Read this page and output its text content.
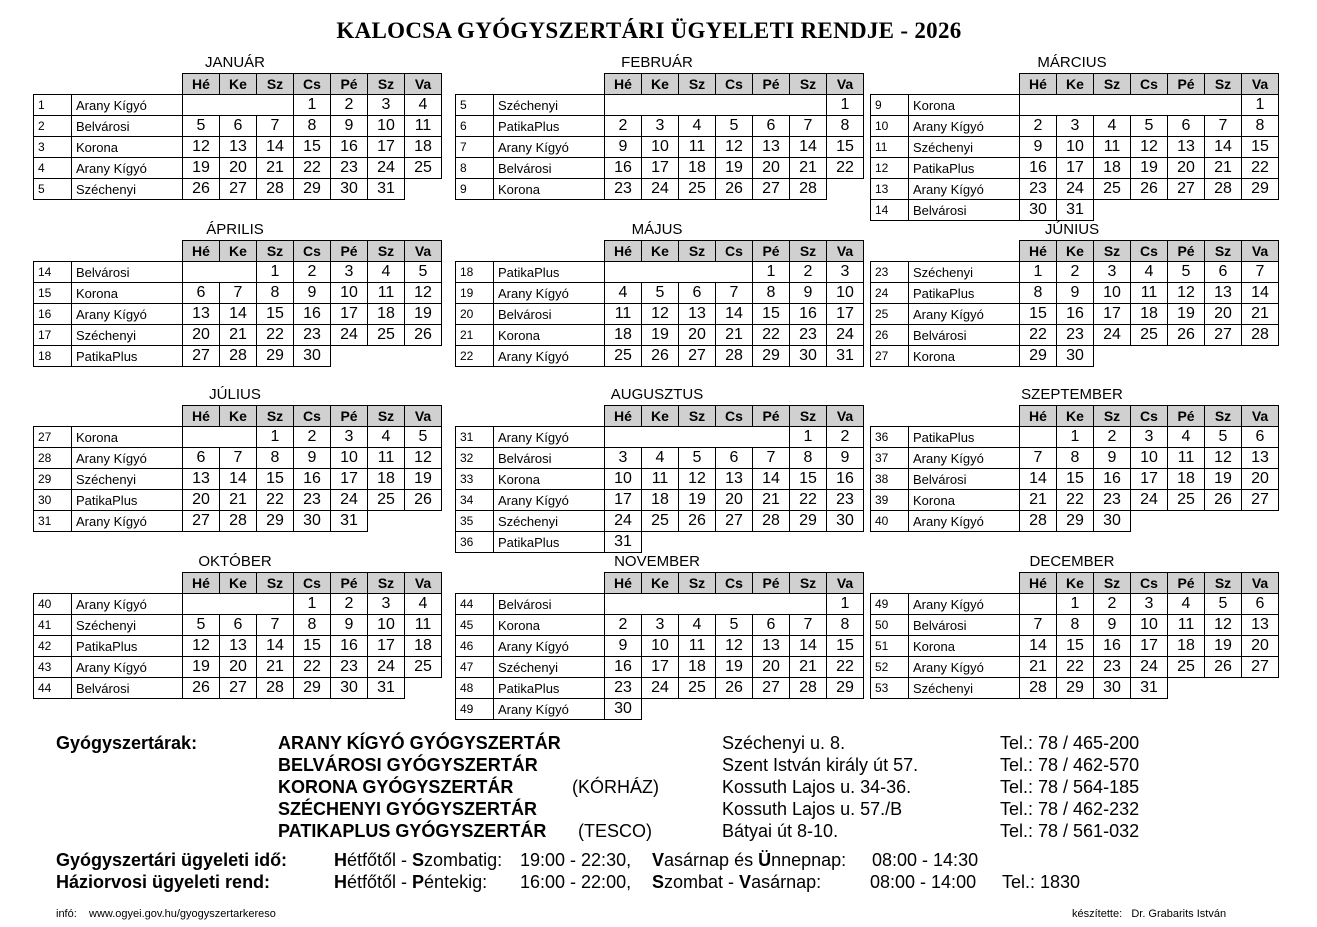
KALOCSA GYÓGYSZERTÁRI ÜGYELETI RENDJE - 2026
JANUÁR
		Hé	Ke	Sz	Cs	Pé	Sz	Va
1	Arany Kígyó				1	2	3	4
2	Belvárosi	5	6	7	8	9	10	11
3	Korona	12	13	14	15	16	17	18
4	Arany Kígyó	19	20	21	22	23	24	25
5	Széchenyi	26	27	28	29	30	31	
FEBRUÁR
		Hé	Ke	Sz	Cs	Pé	Sz	Va
5	Széchenyi							1
6	PatikaPlus	2	3	4	5	6	7	8
7	Arany Kígyó	9	10	11	12	13	14	15
8	Belvárosi	16	17	18	19	20	21	22
9	Korona	23	24	25	26	27	28	
MÁRCIUS
		Hé	Ke	Sz	Cs	Pé	Sz	Va
9	Korona							1
10	Arany Kígyó	2	3	4	5	6	7	8
11	Széchenyi	9	10	11	12	13	14	15
12	PatikaPlus	16	17	18	19	20	21	22
13	Arany Kígyó	23	24	25	26	27	28	29
14	Belvárosi	30	31					
ÁPRILIS
		Hé	Ke	Sz	Cs	Pé	Sz	Va
14	Belvárosi			1	2	3	4	5
15	Korona	6	7	8	9	10	11	12
16	Arany Kígyó	13	14	15	16	17	18	19
17	Széchenyi	20	21	22	23	24	25	26
18	PatikaPlus	27	28	29	30			
MÁJUS
		Hé	Ke	Sz	Cs	Pé	Sz	Va
18	PatikaPlus					1	2	3
19	Arany Kígyó	4	5	6	7	8	9	10
20	Belvárosi	11	12	13	14	15	16	17
21	Korona	18	19	20	21	22	23	24
22	Arany Kígyó	25	26	27	28	29	30	31
JÚNIUS
		Hé	Ke	Sz	Cs	Pé	Sz	Va
23	Széchenyi	1	2	3	4	5	6	7
24	PatikaPlus	8	9	10	11	12	13	14
25	Arany Kígyó	15	16	17	18	19	20	21
26	Belvárosi	22	23	24	25	26	27	28
27	Korona	29	30					
JÚLIUS
		Hé	Ke	Sz	Cs	Pé	Sz	Va
27	Korona			1	2	3	4	5
28	Arany Kígyó	6	7	8	9	10	11	12
29	Széchenyi	13	14	15	16	17	18	19
30	PatikaPlus	20	21	22	23	24	25	26
31	Arany Kígyó	27	28	29	30	31		
AUGUSZTUS
		Hé	Ke	Sz	Cs	Pé	Sz	Va
31	Arany Kígyó						1	2
32	Belvárosi	3	4	5	6	7	8	9
33	Korona	10	11	12	13	14	15	16
34	Arany Kígyó	17	18	19	20	21	22	23
35	Széchenyi	24	25	26	27	28	29	30
36	PatikaPlus	31						
SZEPTEMBER
		Hé	Ke	Sz	Cs	Pé	Sz	Va
36	PatikaPlus		1	2	3	4	5	6
37	Arany Kígyó	7	8	9	10	11	12	13
38	Belvárosi	14	15	16	17	18	19	20
39	Korona	21	22	23	24	25	26	27
40	Arany Kígyó	28	29	30				
OKTÓBER
		Hé	Ke	Sz	Cs	Pé	Sz	Va
40	Arany Kígyó				1	2	3	4
41	Széchenyi	5	6	7	8	9	10	11
42	PatikaPlus	12	13	14	15	16	17	18
43	Arany Kígyó	19	20	21	22	23	24	25
44	Belvárosi	26	27	28	29	30	31	
NOVEMBER
		Hé	Ke	Sz	Cs	Pé	Sz	Va
44	Belvárosi							1
45	Korona	2	3	4	5	6	7	8
46	Arany Kígyó	9	10	11	12	13	14	15
47	Széchenyi	16	17	18	19	20	21	22
48	PatikaPlus	23	24	25	26	27	28	29
49	Arany Kígyó	30						
DECEMBER
		Hé	Ke	Sz	Cs	Pé	Sz	Va
49	Arany Kígyó		1	2	3	4	5	6
50	Belvárosi	7	8	9	10	11	12	13
51	Korona	14	15	16	17	18	19	20
52	Arany Kígyó	21	22	23	24	25	26	27
53	Széchenyi	28	29	30	31			
Gyógyszertárak:	ARANY KÍGYÓ GYÓGYSZERTÁR	Széchenyi u. 8.	Tel.: 78 / 465-200
BELVÁROSI GYÓGYSZERTÁR	Szent István király út 57.	Tel.: 78 / 462-570
KORONA GYÓGYSZERTÁR	(KÓRHÁZ)	Kossuth Lajos u. 34-36.	Tel.: 78 / 564-185
SZÉCHENYI GYÓGYSZERTÁR	Kossuth Lajos u. 57./B	Tel.: 78 / 462-232
PATIKAPLUS GYÓGYSZERTÁR (TESCO)	Bátyai út 8-10.	Tel.: 78 / 561-032
Gyógyszertári ügyeleti idő:	Hétfőtől - Szombatig: 19:00 - 22:30, Vasárnap és Ünnepnap: 08:00 - 14:30
Háziorvosi ügyeleti rend:	Hétfőtől - Péntekig: 16:00 - 22:00, Szombat - Vasárnap:	08:00 - 14:00 Tel.: 1830
infó: www.ogyei.gov.hu/gyogyszertarkereso	készítette: Dr. Grabarits István
